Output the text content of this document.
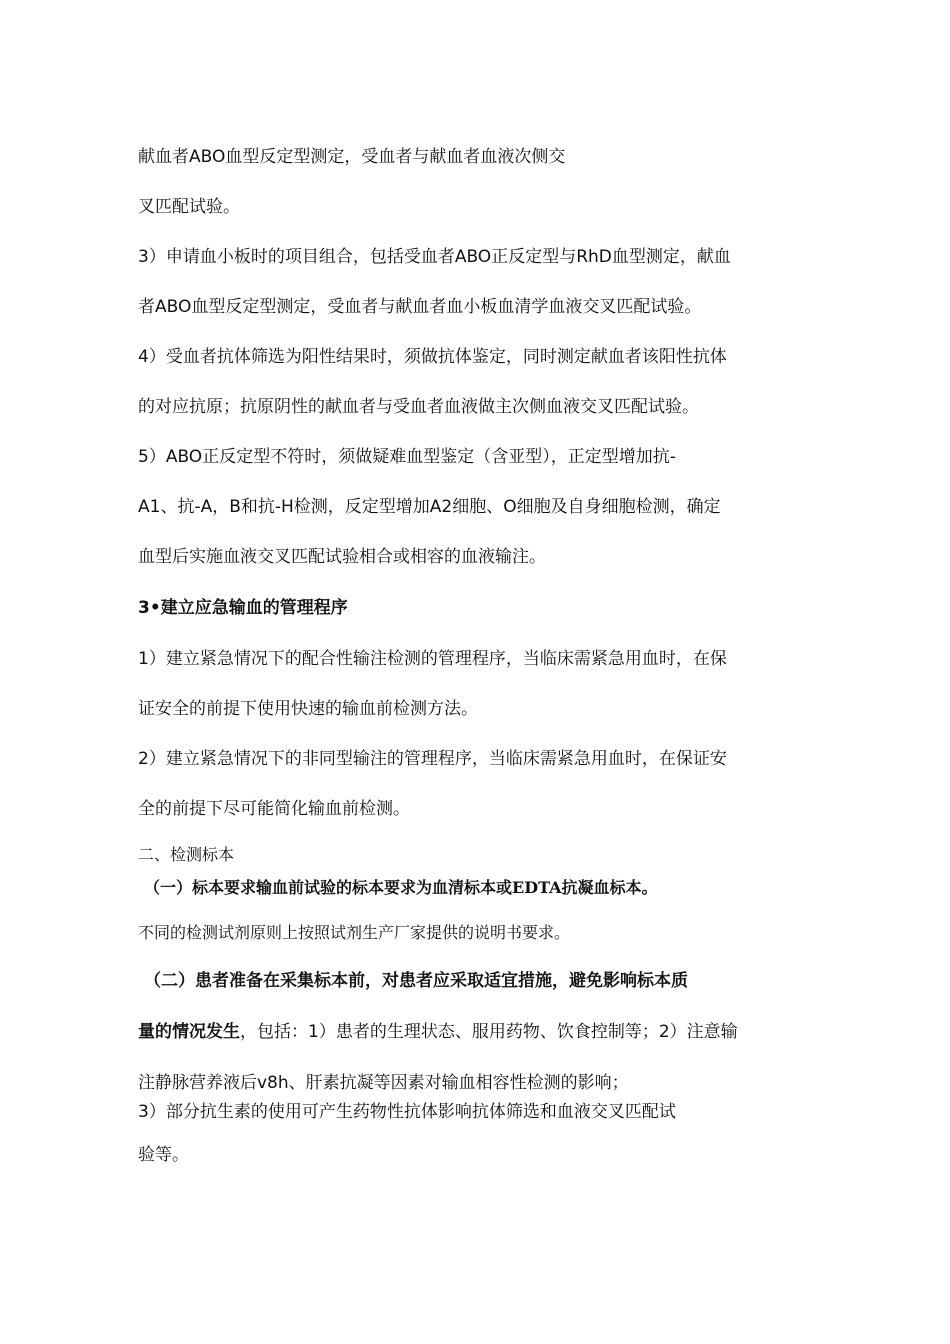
献血者ABO血型反定型测定，受血者与献血者血液次侧交
叉匹配试验。
3）申请血小板时的项目组合，包括受血者ABO正反定型与RhD血型测定，献血
者ABO血型反定型测定，受血者与献血者血小板血清学血液交叉匹配试验。
4）受血者抗体筛选为阳性结果时，须做抗体鉴定，同时测定献血者该阳性抗体
的对应抗原；抗原阴性的献血者与受血者血液做主次侧血液交叉匹配试验。
5）ABO正反定型不符时，须做疑难血型鉴定（含亚型），正定型增加抗-
A1、抗-A，B和抗-H检测，反定型增加A2细胞、O细胞及自身细胞检测，确定
血型后实施血液交叉匹配试验相合或相容的血液输注。
3•建立应急输血的管理程序
1）建立紧急情况下的配合性输注检测的管理程序，当临床需紧急用血时，在保
证安全的前提下使用快速的输血前检测方法。
2）建立紧急情况下的非同型输注的管理程序，当临床需紧急用血时，在保证安
全的前提下尽可能简化输血前检测。
二、检测标本
（一）标本要求输血前试验的标本要求为血清标本或EDTA抗凝血标本。
不同的检测试剂原则上按照试剂生产厂家提供的说明书要求。
（二）患者准备在采集标本前，对患者应采取适宜措施，避免影响标本质
量的情况发生，包括：1）患者的生理状态、服用药物、饮食控制等；2）注意输
注静脉营养液后v8h、肝素抗凝等因素对输血相容性检测的影响；
3）部分抗生素的使用可产生药物性抗体影响抗体筛选和血液交叉匹配试
验等。
